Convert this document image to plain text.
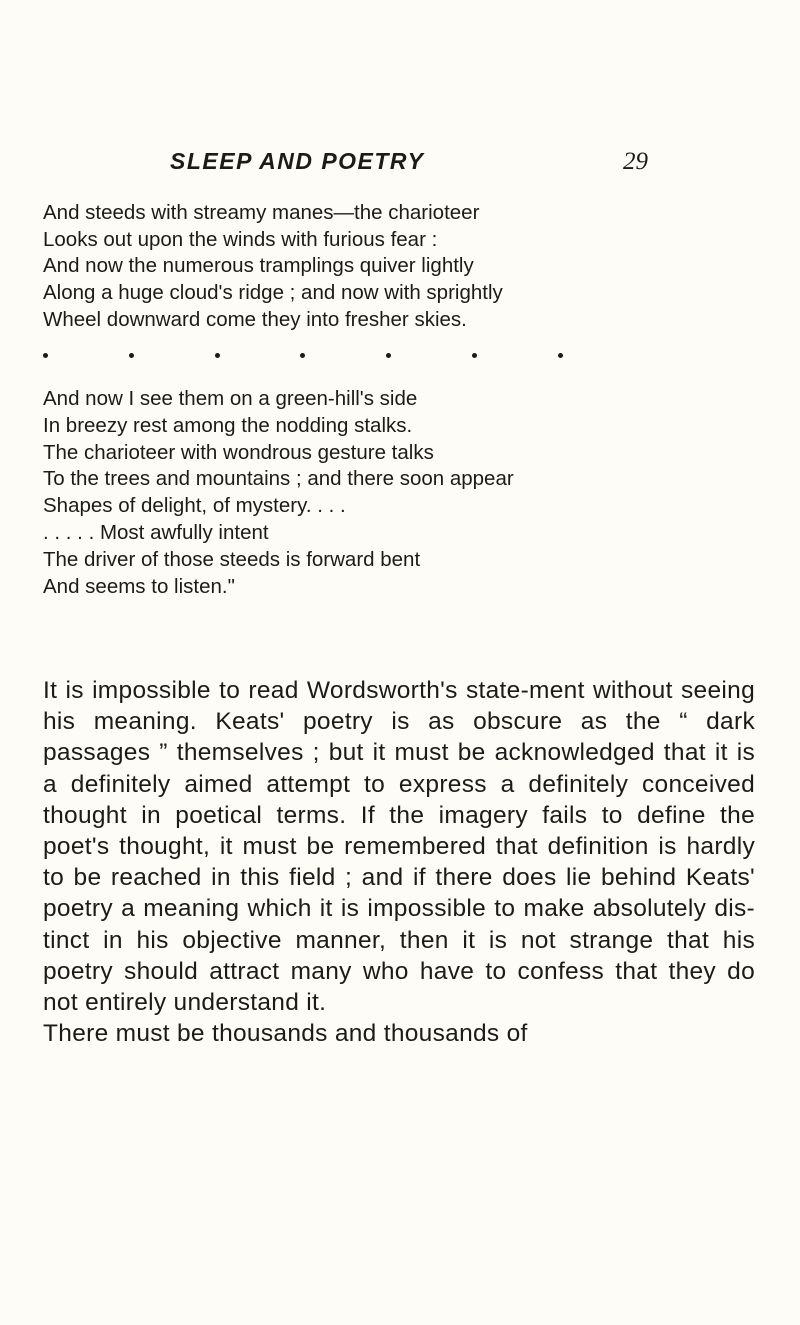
SLEEP AND POETRY	29
And steeds with streamy manes—the charioteer
Looks out upon the winds with furious fear :
And now the numerous tramplings quiver lightly
Along a huge cloud's ridge ; and now with sprightly
Wheel downward come they into fresher skies.
And now I see them on a green-hill's side
In breezy rest among the nodding stalks.
The charioteer with wondrous gesture talks
To the trees and mountains ; and there soon appear
Shapes of delight, of mystery. . . .
. . . . . Most awfully intent
The driver of those steeds is forward bent
And seems to listen."

It is impossible to read Wordsworth's state-ment without seeing his meaning. Keats' poetry is as obscure as the “ dark passages ” themselves ; but it must be acknowledged that it is a definitely aimed attempt to express a definitely conceived thought in poetical terms. If the imagery fails to define the poet's thought, it must be remembered that definition is hardly to be reached in this field ; and if there does lie behind Keats' poetry a meaning which it is impossible to make absolutely dis-tinct in his objective manner, then it is not strange that his poetry should attract many who have to confess that they do not entirely understand it.

There must be thousands and thousands of
